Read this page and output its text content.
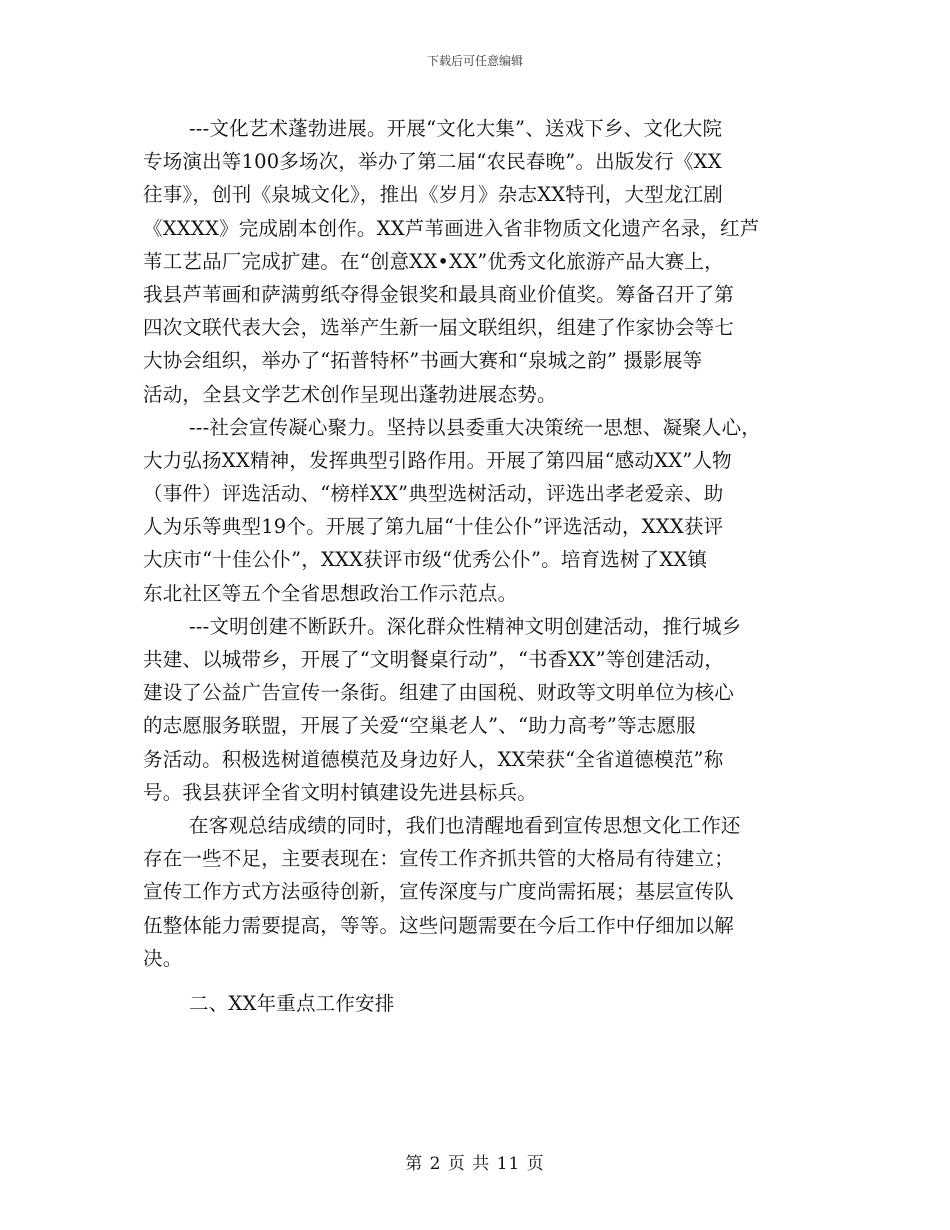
下载后可任意编辑
---文化艺术蓬勃进展。开展“文化大集”、送戏下乡、文化大院
专场演出等100多场次，举办了第二届“农民春晚”。出版发行《XX
往事》，创刊《泉城文化》，推出《岁月》杂志XX特刊，大型龙江剧
《XXXX》完成剧本创作。XX芦苇画进入省非物质文化遗产名录，红芦
苇工艺品厂完成扩建。在“创意XX•XX”优秀文化旅游产品大赛上，
我县芦苇画和萨满剪纸夺得金银奖和最具商业价值奖。筹备召开了第
四次文联代表大会，选举产生新一届文联组织，组建了作家协会等七
大协会组织，举办了“拓普特杯”书画大赛和“泉城之韵” 摄影展等
活动，全县文学艺术创作呈现出蓬勃进展态势。
---社会宣传凝心聚力。坚持以县委重大决策统一思想、凝聚人心，
大力弘扬XX精神，发挥典型引路作用。开展了第四届“感动XX”人物
（事件）评选活动、“榜样XX”典型选树活动，评选出孝老爱亲、助
人为乐等典型19个。开展了第九届“十佳公仆”评选活动，XXX获评
大庆市“十佳公仆”，XXX获评市级“优秀公仆”。培育选树了XX镇
东北社区等五个全省思想政治工作示范点。
---文明创建不断跃升。深化群众性精神文明创建活动，推行城乡
共建、以城带乡，开展了“文明餐桌行动”，“书香XX”等创建活动，
建设了公益广告宣传一条街。组建了由国税、财政等文明单位为核心
的志愿服务联盟，开展了关爱“空巢老人”、“助力高考”等志愿服
务活动。积极选树道德模范及身边好人，XX荣获“全省道德模范”称
号。我县获评全省文明村镇建设先进县标兵。
在客观总结成绩的同时，我们也清醒地看到宣传思想文化工作还
存在一些不足，主要表现在：宣传工作齐抓共管的大格局有待建立；
宣传工作方式方法亟待创新，宣传深度与广度尚需拓展；基层宣传队
伍整体能力需要提高，等等。这些问题需要在今后工作中仔细加以解
决。
二、XX年重点工作安排
第 2 页 共 11 页
